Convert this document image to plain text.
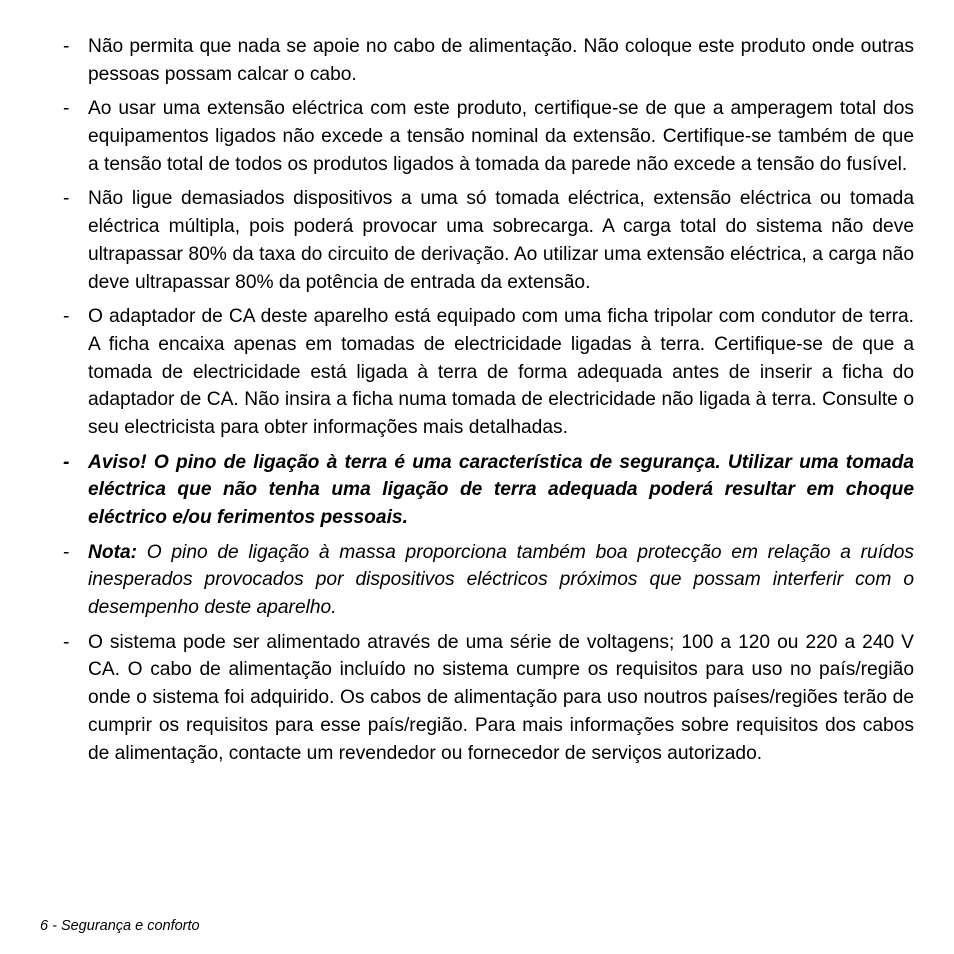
- Não permita que nada se apoie no cabo de alimentação. Não coloque este produto onde outras pessoas possam calcar o cabo.
- Ao usar uma extensão eléctrica com este produto, certifique-se de que a amperagem total dos equipamentos ligados não excede a tensão nominal da extensão. Certifique-se também de que a tensão total de todos os produtos ligados à tomada da parede não excede a tensão do fusível.
- Não ligue demasiados dispositivos a uma só tomada eléctrica, extensão eléctrica ou tomada eléctrica múltipla, pois poderá provocar uma sobrecarga. A carga total do sistema não deve ultrapassar 80% da taxa do circuito de derivação. Ao utilizar uma extensão eléctrica, a carga não deve ultrapassar 80% da potência de entrada da extensão.
- O adaptador de CA deste aparelho está equipado com uma ficha tripolar com condutor de terra. A ficha encaixa apenas em tomadas de electricidade ligadas à terra. Certifique-se de que a tomada de electricidade está ligada à terra de forma adequada antes de inserir a ficha do adaptador de CA. Não insira a ficha numa tomada de electricidade não ligada à terra. Consulte o seu electricista para obter informações mais detalhadas.
- Aviso! O pino de ligação à terra é uma característica de segurança. Utilizar uma tomada eléctrica que não tenha uma ligação de terra adequada poderá resultar em choque eléctrico e/ou ferimentos pessoais.
- Nota: O pino de ligação à massa proporciona também boa protecção em relação a ruídos inesperados provocados por dispositivos eléctricos próximos que possam interferir com o desempenho deste aparelho.
- O sistema pode ser alimentado através de uma série de voltagens; 100 a 120 ou 220 a 240 V CA. O cabo de alimentação incluído no sistema cumpre os requisitos para uso no país/região onde o sistema foi adquirido. Os cabos de alimentação para uso noutros países/regiões terão de cumprir os requisitos para esse país/região. Para mais informações sobre requisitos dos cabos de alimentação, contacte um revendedor ou fornecedor de serviços autorizado.
6 - Segurança e conforto
